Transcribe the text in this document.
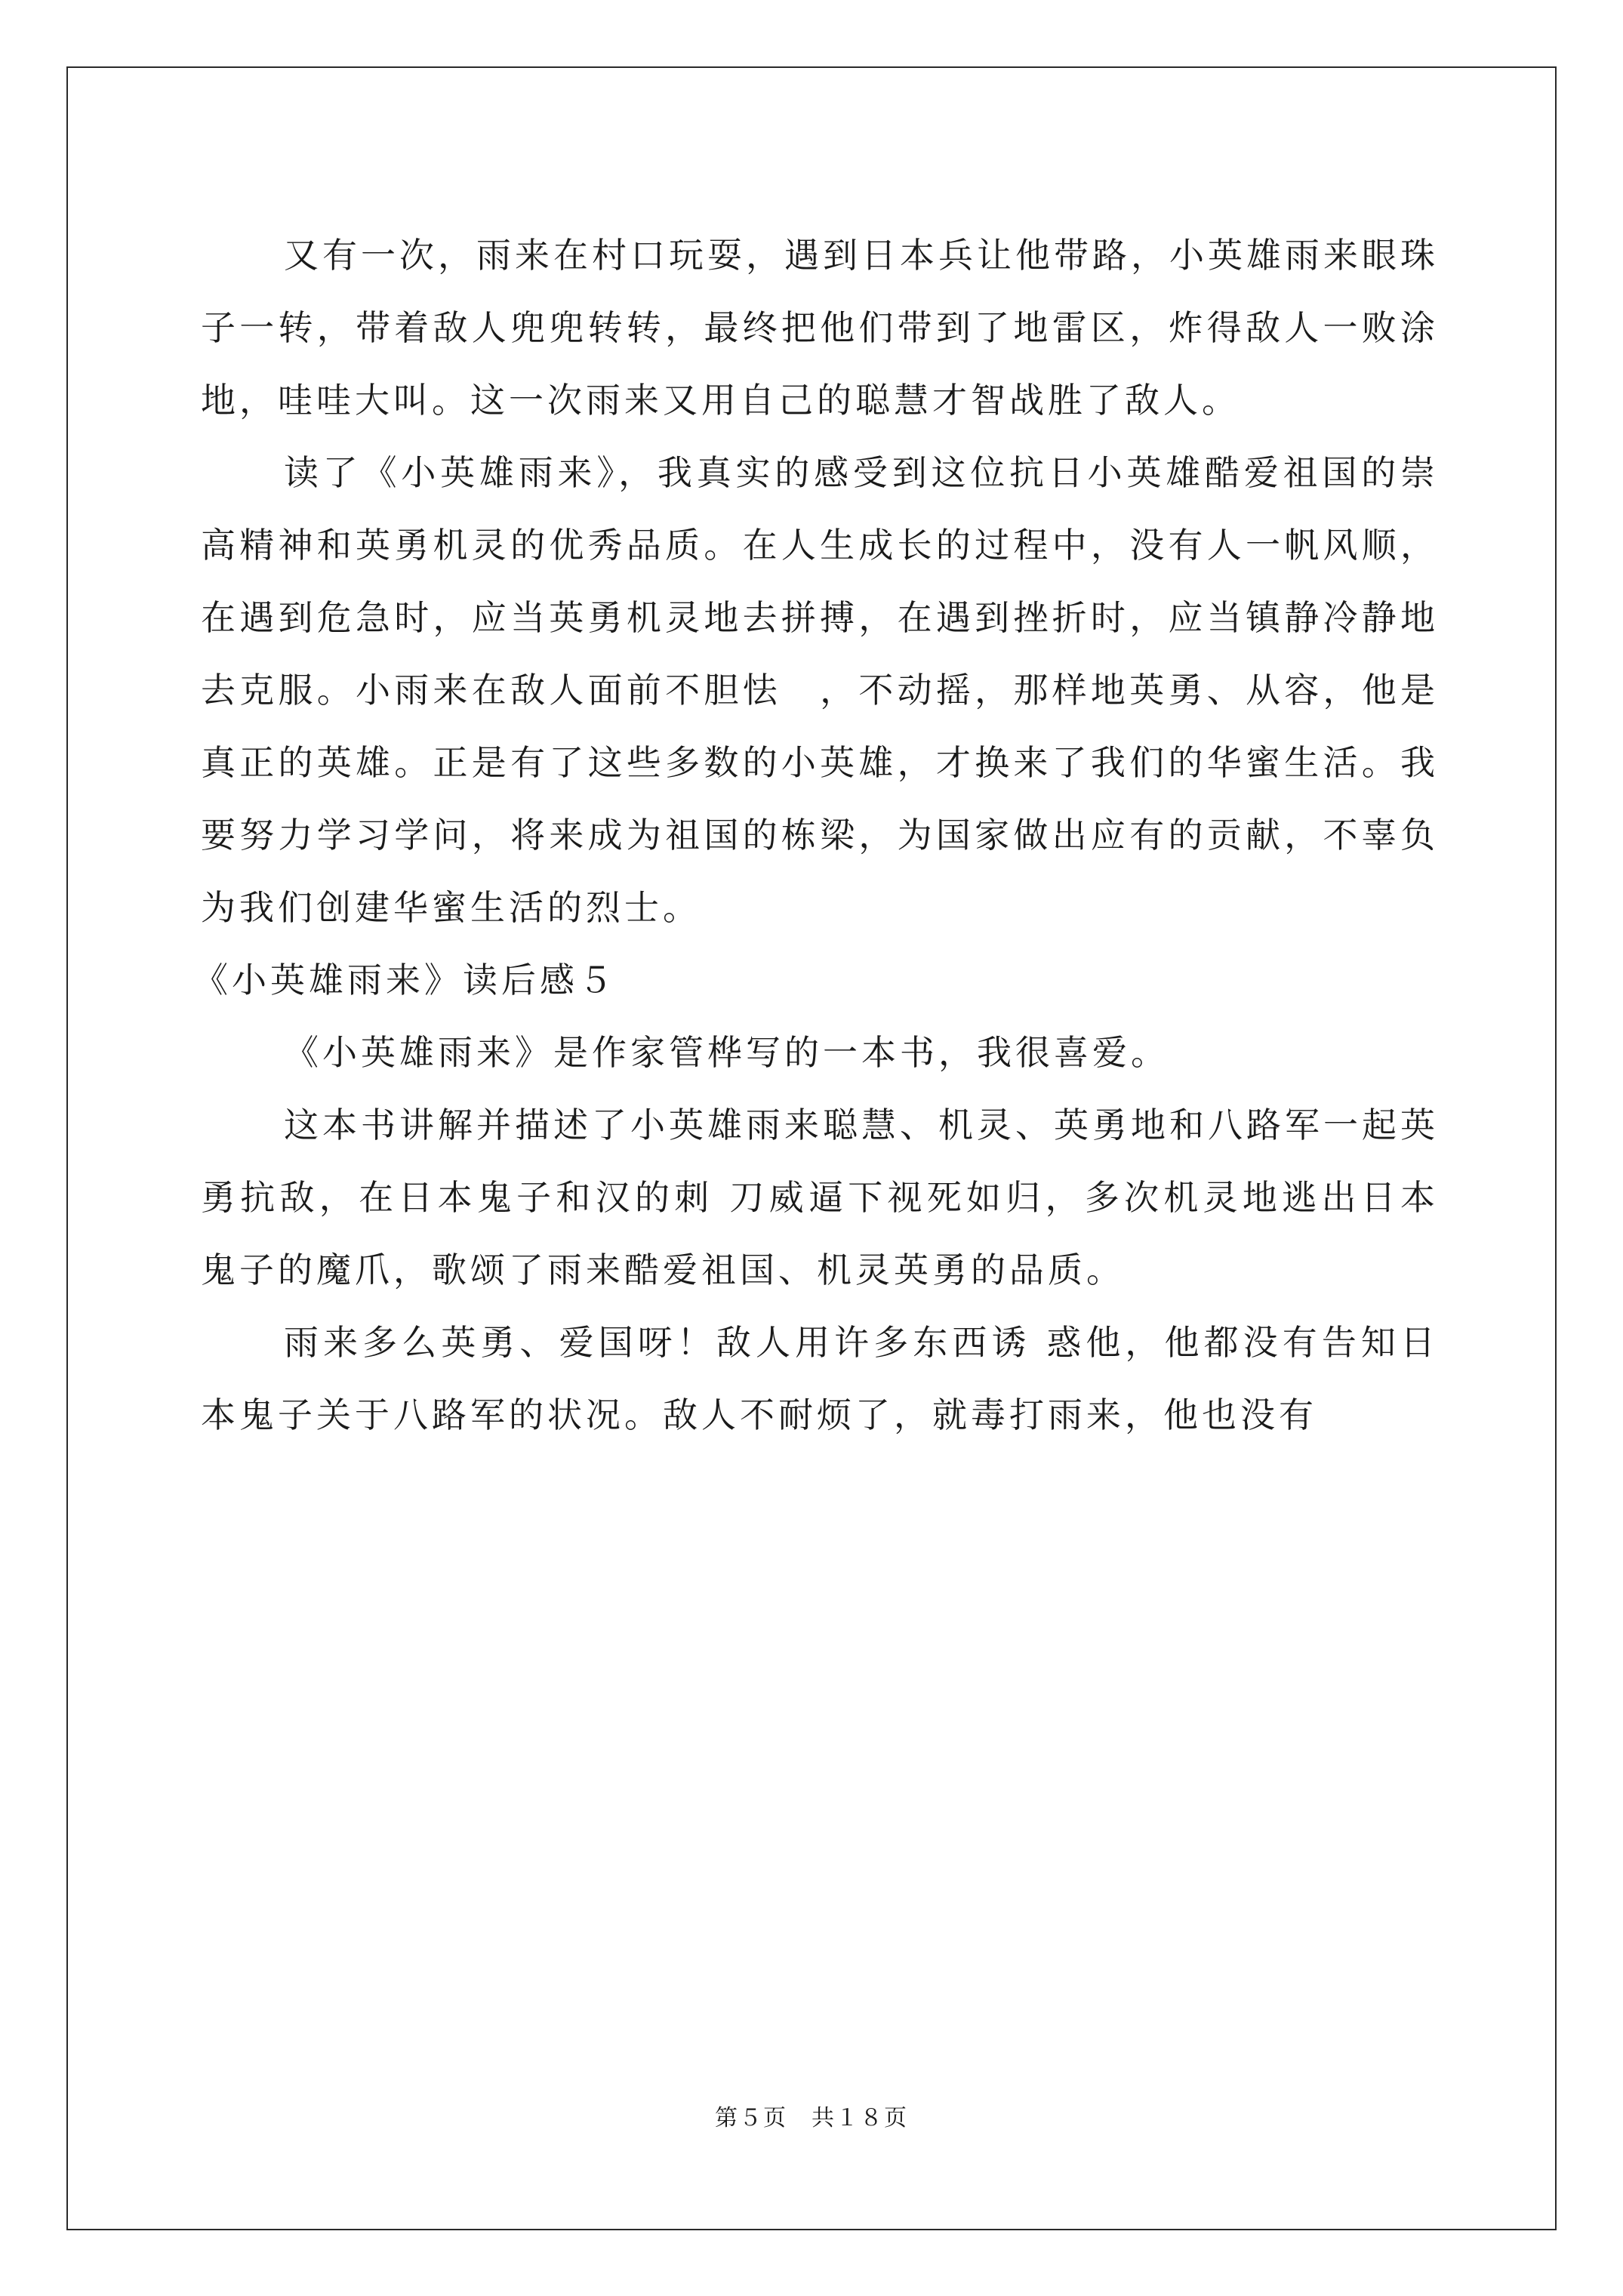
又有一次，雨来在村口玩耍，遇到日本兵让他带路，小英雄雨来眼珠子一转，带着敌人兜兜转转，最终把他们带到了地雷区，炸得敌人一败涂地，哇哇大叫。这一次雨来又用自己的聪慧才智战胜了敌人。

读了《小英雄雨来》，我真实的感受到这位抗日小英雄酷爱祖国的崇高精神和英勇机灵的优秀品质。在人生成长的过程中，没有人一帆风顺，在遇到危急时，应当英勇机灵地去拼搏，在遇到挫折时，应当镇静冷静地去克服。小雨来在敌人面前不胆怯　，不动摇，那样地英勇、从容，他是真正的英雄。正是有了这些多数的小英雄，才换来了我们的华蜜生活。我要努力学习学问，将来成为祖国的栋梁，为国家做出应有的贡献，不辜负为我们创建华蜜生活的烈士。

《小英雄雨来》读后感５

《小英雄雨来》是作家管桦写的一本书，我很喜爱。

这本书讲解并描述了小英雄雨来聪慧、机灵、英勇地和八路军一起英勇抗敌，在日本鬼子和汉的刺 刀威逼下视死如归，多次机灵地逃出日本鬼子的魔爪，歌颂了雨来酷爱祖国、机灵英勇的品质。

雨来多么英勇、爱国呀！敌人用许多东西诱 惑他，他都没有告知日本鬼子关于八路军的状况。敌人不耐烦了，就毒打雨来，他也没有

第５页　共１８页
